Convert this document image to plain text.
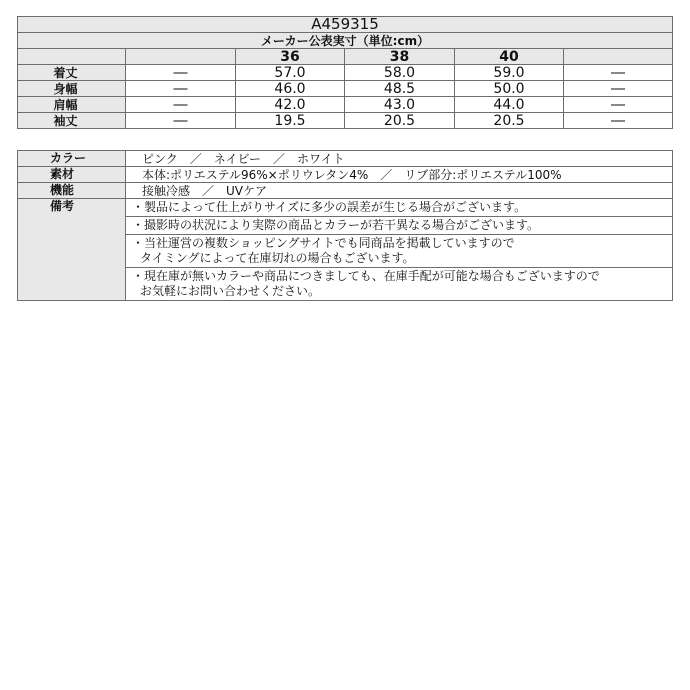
A459315					
メーカー公表実寸（単位:cm）					
		36	38	40	
着丈	―	57.0	58.0	59.0	―
身幅	―	46.0	48.5	50.0	―
肩幅	―	42.0	43.0	44.0	―
袖丈	―	19.5	20.5	20.5	―
カラー	ピンク　／　ネイビー　／　ホワイト
素材	本体:ポリエステル96%×ポリウレタン4%　／　リブ部分:ポリエステル100%
機能	接触冷感　／　UVケア
備考	・製品によって仕上がりサイズに多少の誤差が生じる場合がございます。

	・撮影時の状況により実際の商品とカラーが若干異なる場合がございます。

	・当社運営の複数ショッピングサイトでも同商品を掲載していますので
タイミングによって在庫切れの場合もございます。

	・現在庫が無いカラーや商品につきましても、在庫手配が可能な場合もございますので
お気軽にお問い合わせください。
